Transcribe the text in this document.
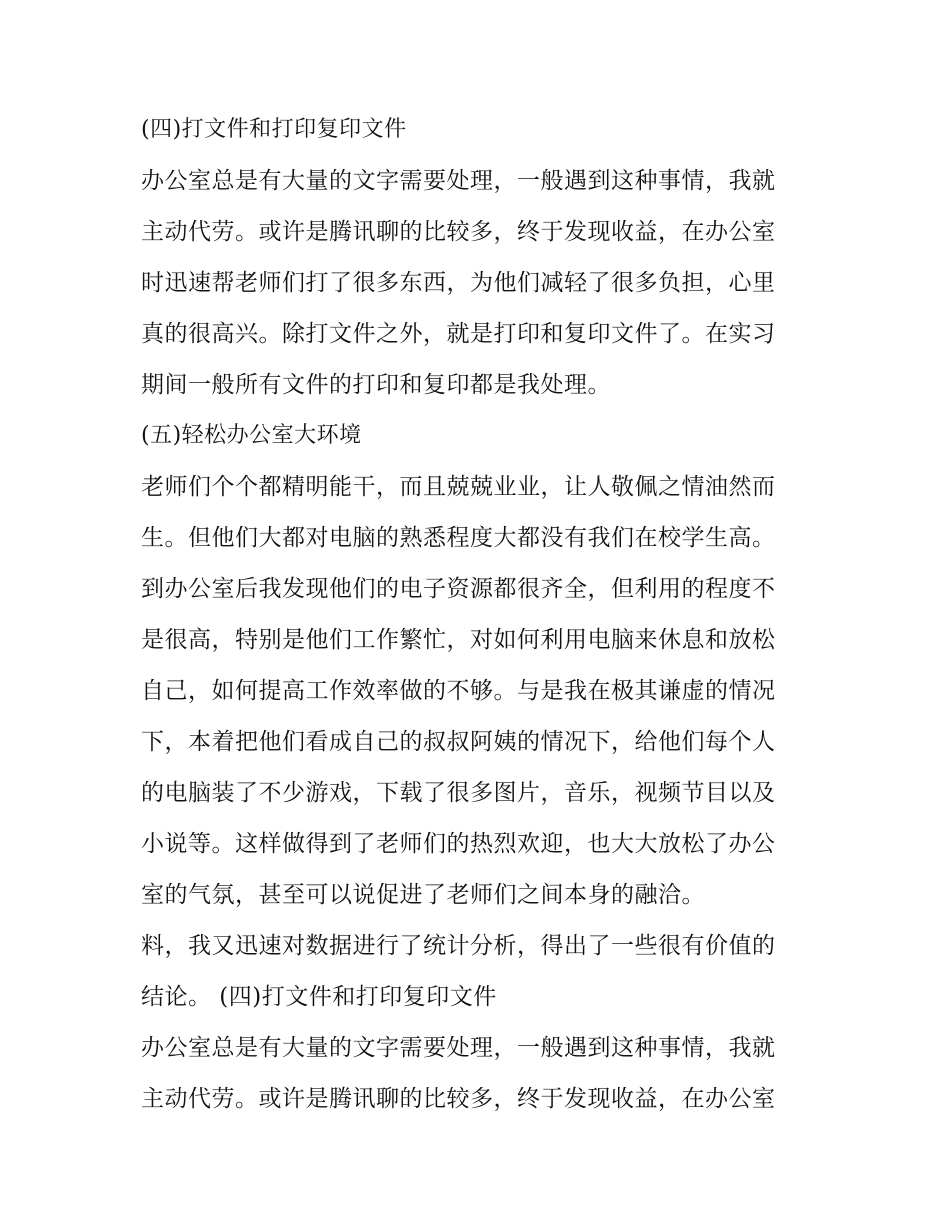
(四)打文件和打印复印文件
办公室总是有大量的文字需要处理，一般遇到这种事情，我就
主动代劳。或许是腾讯聊的比较多，终于发现收益，在办公室
时迅速帮老师们打了很多东西，为他们减轻了很多负担，心里
真的很高兴。除打文件之外，就是打印和复印文件了。在实习
期间一般所有文件的打印和复印都是我处理。
(五)轻松办公室大环境
老师们个个都精明能干，而且兢兢业业，让人敬佩之情油然而
生。但他们大都对电脑的熟悉程度大都没有我们在校学生高。
到办公室后我发现他们的电子资源都很齐全，但利用的程度不
是很高，特别是他们工作繁忙，对如何利用电脑来休息和放松
自己，如何提高工作效率做的不够。与是我在极其谦虚的情况
下，本着把他们看成自己的叔叔阿姨的情况下，给他们每个人
的电脑装了不少游戏，下载了很多图片，音乐，视频节目以及
小说等。这样做得到了老师们的热烈欢迎，也大大放松了办公
室的气氛，甚至可以说促进了老师们之间本身的融洽。
料，我又迅速对数据进行了统计分析，得出了一些很有价值的
结论。 (四)打文件和打印复印文件
办公室总是有大量的文字需要处理，一般遇到这种事情，我就
主动代劳。或许是腾讯聊的比较多，终于发现收益，在办公室
